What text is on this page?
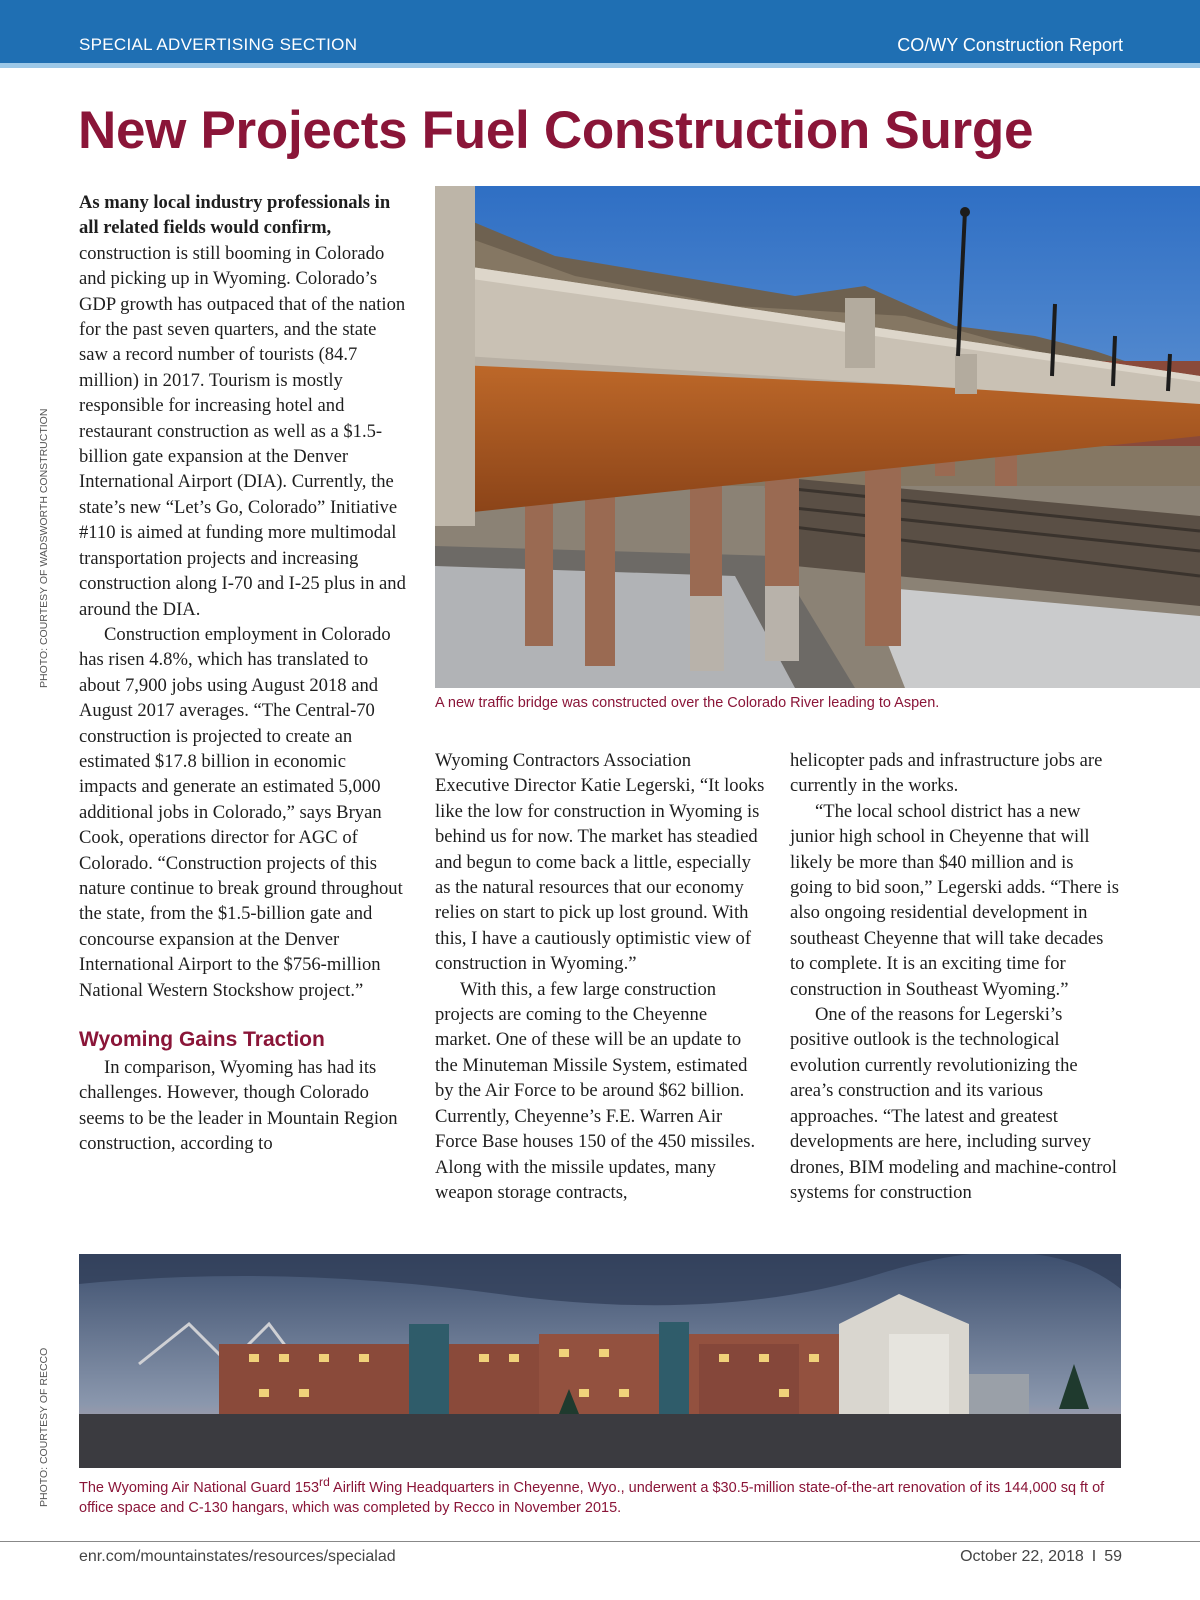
SPECIAL ADVERTISING SECTION	CO/WY Construction Report
New Projects Fuel Construction Surge
PHOTO: COURTESY OF WADSWORTH CONSTRUCTION
PHOTO: COURTESY OF RECCO

As many local industry professionals in all related fields would confirm, construction is still booming in Colorado and picking up in Wyoming. Colorado’s GDP growth has outpaced that of the nation for the past seven quarters, and the state saw a record number of tourists (84.7 million) in 2017. Tourism is mostly responsible for increasing hotel and restaurant construction as well as a $1.5-billion gate expansion at the Denver International Airport (DIA). Currently, the state’s new “Let’s Go, Colorado” Initiative #110 is aimed at funding more multimodal transportation projects and increasing construction along I-70 and I-25 plus in and around the DIA.

Construction employment in Colorado has risen 4.8%, which has translated to about 7,900 jobs using August 2018 and August 2017 averages. “The Central-70 construction is projected to create an estimated $17.8 billion in economic impacts and generate an estimated 5,000 additional jobs in Colorado,” says Bryan Cook, operations director for AGC of Colorado. “Construction projects of this nature continue to break ground throughout the state, from the $1.5-billion gate and concourse expansion at the Denver International Airport to the $756-million National Western Stockshow project.”

Wyoming Gains Traction

In comparison, Wyoming has had its challenges. However, though Colorado seems to be the leader in Mountain Region construction, according to

A new traffic bridge was constructed over the Colorado River leading to Aspen.

Wyoming Contractors Association Executive Director Katie Legerski, “It looks like the low for construction in Wyoming is behind us for now. The market has steadied and begun to come back a little, especially as the natural resources that our economy relies on start to pick up lost ground. With this, I have a cautiously optimistic view of construction in Wyoming.”

With this, a few large construction projects are coming to the Cheyenne market. One of these will be an update to the Minuteman Missile System, estimated by the Air Force to be around $62 billion. Currently, Cheyenne’s F.E. Warren Air Force Base houses 150 of the 450 missiles. Along with the missile updates, many weapon storage contracts,

helicopter pads and infrastructure jobs are currently in the works.

“The local school district has a new junior high school in Cheyenne that will likely be more than $40 million and is going to bid soon,” Legerski adds. “There is also ongoing residential development in southeast Cheyenne that will take decades to complete. It is an exciting time for construction in Southeast Wyoming.”

One of the reasons for Legerski’s positive outlook is the technological evolution currently revolutionizing the area’s construction and its various approaches. “The latest and greatest developments are here, including survey drones, BIM modeling and machine-control systems for construction

The Wyoming Air National Guard 153rd Airlift Wing Headquarters in Cheyenne, Wyo., underwent a $30.5-million state-of-the-art renovation of its 144,000 sq ft of office space and C-130 hangars, which was completed by Recco in November 2015.
enr.com/mountainstates/resources/specialad	October 22, 2018 I 59
